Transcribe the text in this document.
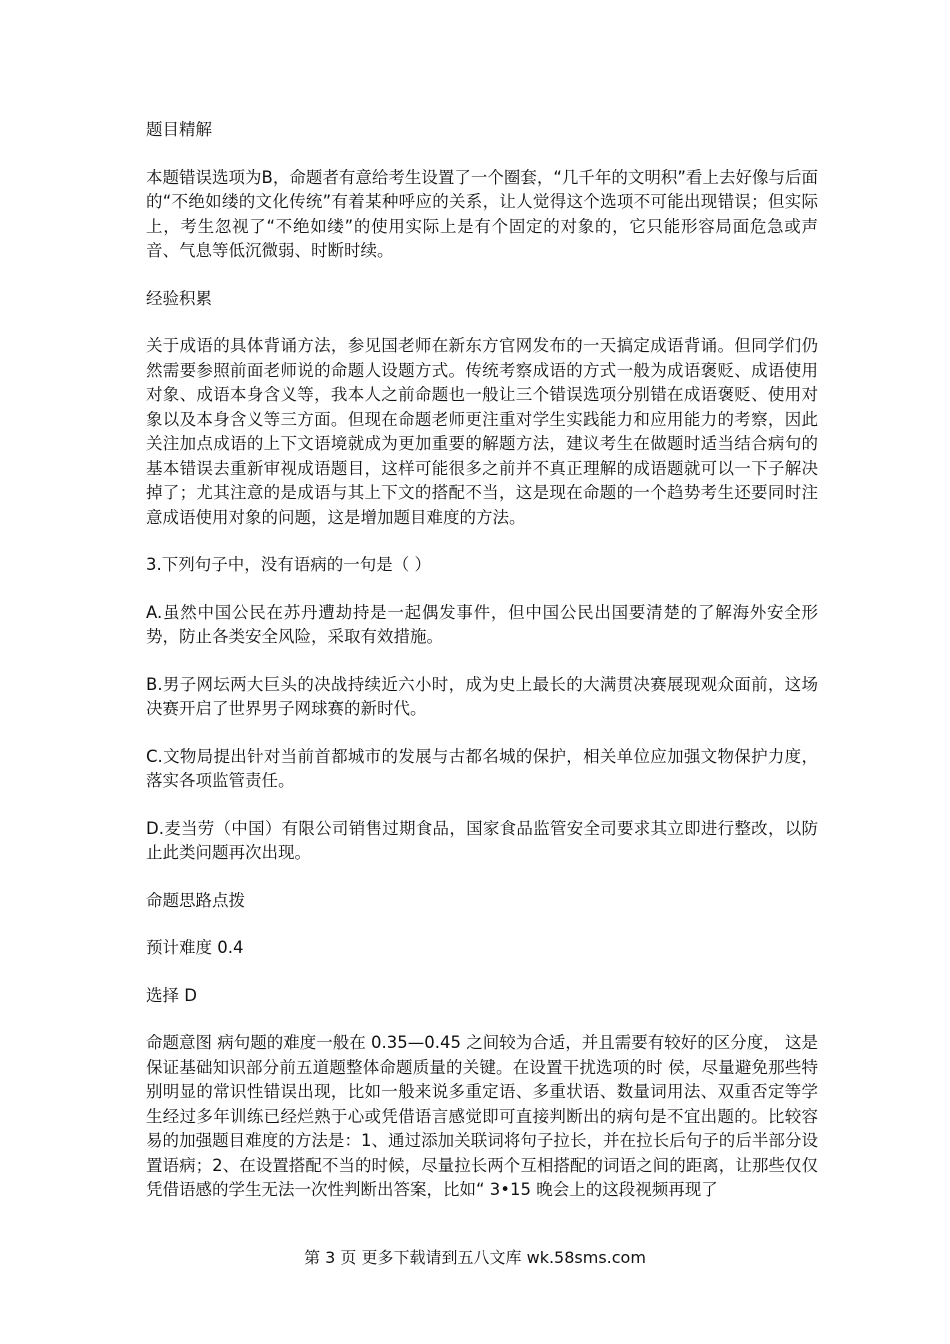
题目精解

本题错误选项为B，命题者有意给考生设置了一个圈套，“几千年的文明积”看上去好像与后面的“不绝如缕的文化传统”有着某种呼应的关系，让人觉得这个选项不可能出现错误；但实际上，考生忽视了“不绝如缕”的使用实际上是有个固定的对象的，它只能形容局面危急或声音、气息等低沉微弱、时断时续。

经验积累

关于成语的具体背诵方法，参见国老师在新东方官网发布的一天搞定成语背诵。但同学们仍然需要参照前面老师说的命题人设题方式。传统考察成语的方式一般为成语褒贬、成语使用对象、成语本身含义等，我本人之前命题也一般让三个错误选项分别错在成语褒贬、使用对象以及本身含义等三方面。但现在命题老师更注重对学生实践能力和应用能力的考察，因此关注加点成语的上下文语境就成为更加重要的解题方法，建议考生在做题时适当结合病句的基本错误去重新审视成语题目，这样可能很多之前并不真正理解的成语题就可以一下子解决掉了；尤其注意的是成语与其上下文的搭配不当，这是现在命题的一个趋势考生还要同时注意成语使用对象的问题，这是增加题目难度的方法。

3.下列句子中，没有语病的一句是（ ）

A.虽然中国公民在苏丹遭劫持是一起偶发事件，但中国公民出国要清楚的了解海外安全形势，防止各类安全风险，采取有效措施。

B.男子网坛两大巨头的决战持续近六小时，成为史上最长的大满贯决赛展现观众面前，这场决赛开启了世界男子网球赛的新时代。

C.文物局提出针对当前首都城市的发展与古都名城的保护，相关单位应加强文物保护力度，落实各项监管责任。

D.麦当劳（中国）有限公司销售过期食品，国家食品监管安全司要求其立即进行整改，以防止此类问题再次出现。

命题思路点拨

预计难度 0.4

选择 D

命题意图 病句题的难度一般在 0.35—0.45 之间较为合适，并且需要有较好的区分度， 这是保证基础知识部分前五道题整体命题质量的关键。在设置干扰选项的时 侯，尽量避免那些特别明显的常识性错误出现，比如一般来说多重定语、多重状语、数量词用法、双重否定等学生经过多年训练已经烂熟于心或凭借语言感觉即可直接判断出的病句是不宜出题的。比较容易的加强题目难度的方法是：1、通过添加关联词将句子拉长，并在拉长后句子的后半部分设置语病；2、在设置搭配不当的时候，尽量拉长两个互相搭配的词语之间的距离，让那些仅仅凭借语感的学生无法一次性判断出答案，比如“ 3•15 晚会上的这段视频再现了

第 3 页 更多下载请到五八文库 wk.58sms.com
